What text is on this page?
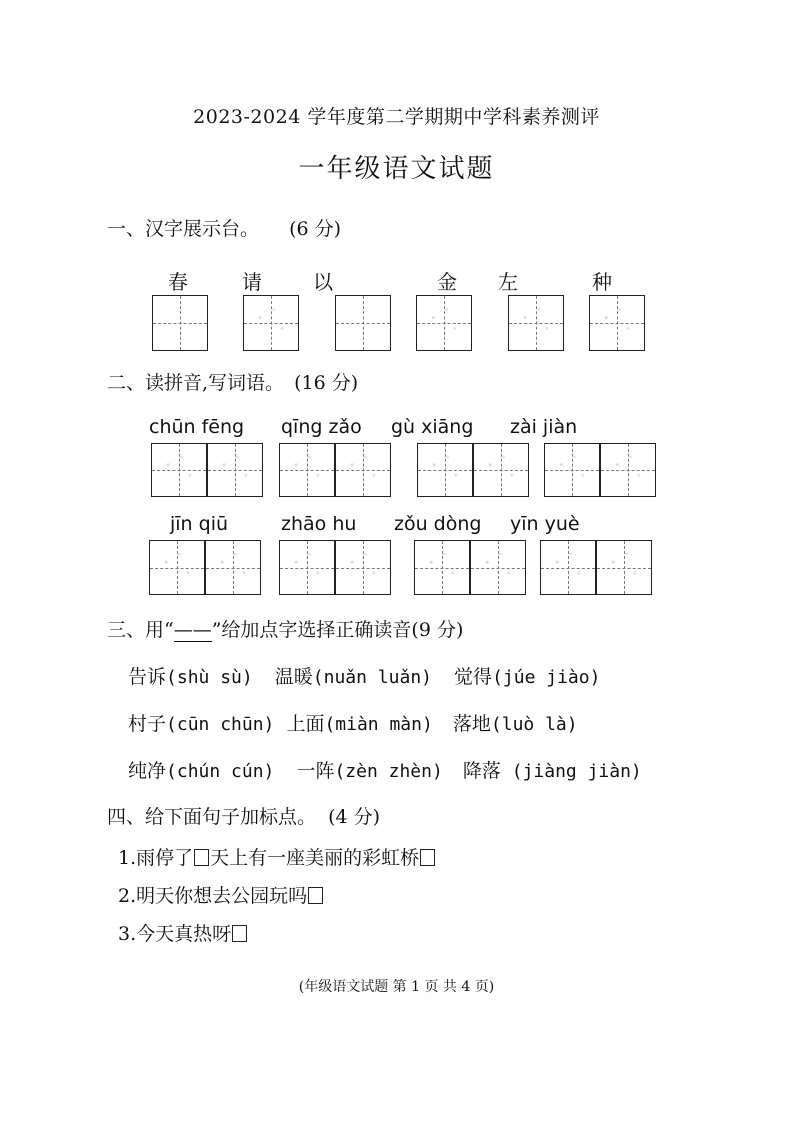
2023-2024 学年度第二学期期中学科素养测评
一年级语文试题
一、汉字展示台。 (6 分)
春	请	以	金 左	种
二、读拼音,写词语。 (16 分)
chūn fēng qīng zǎo gù xiāng zài jiàn
jīn qiū	zhāo hu zǒu dòng yīn yuè
三、用“——”给加点字选择正确读音(9 分)
告诉(shù sù) 温暖(nuǎn luǎn) 觉得(júe jiào)
村子(cūn chūn) 上面(miàn màn) 落地(luò là)
纯净(chún cún) 一阵(zèn zhèn) 降落 (jiàng jiàn)
四、给下面句子加标点。 (4 分)
1.雨停了 天上有一座美丽的彩虹桥
2.明天你想去公园玩吗
3.今天真热呀
(年级语文试题 第 1 页 共 4 页)
